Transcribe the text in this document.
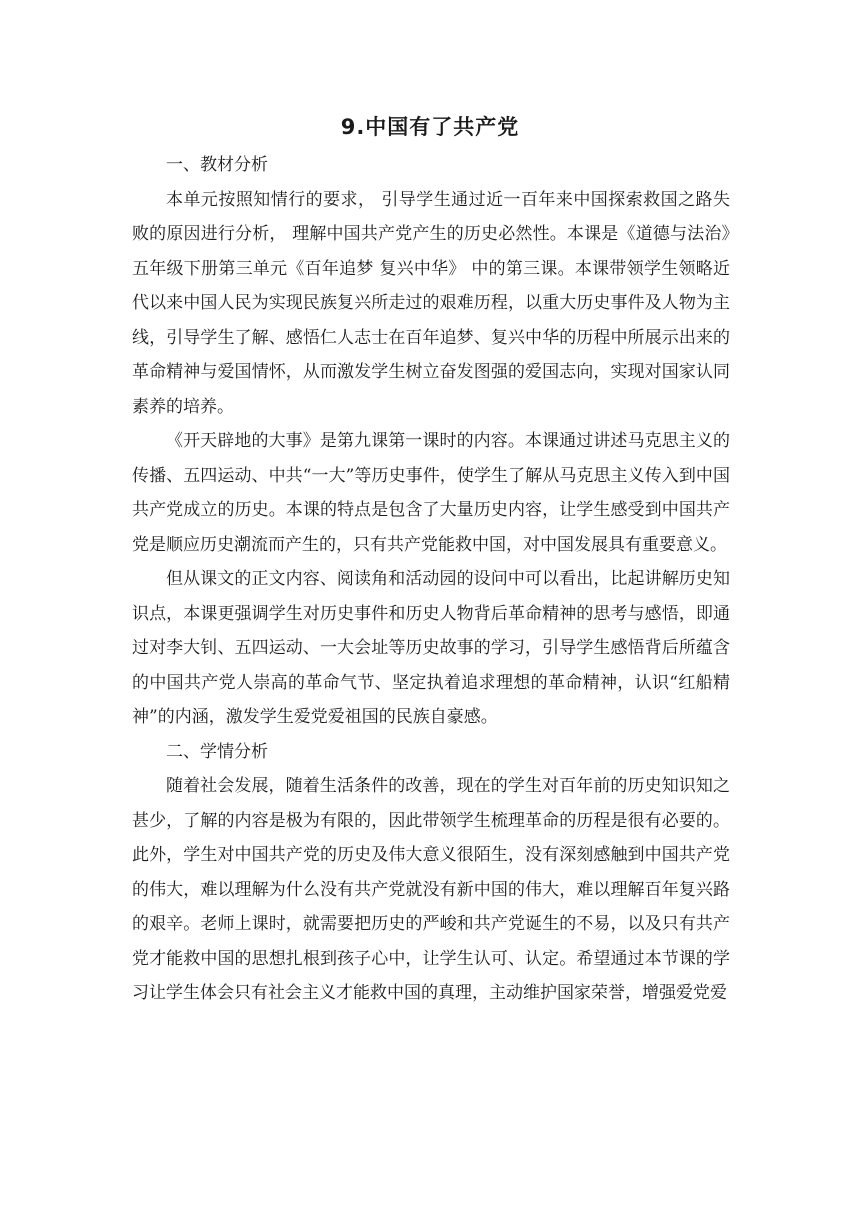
9.中国有了共产党

一、教材分析

本单元按照知情行的要求， 引导学生通过近一百年来中国探索救国之路失败的原因进行分析， 理解中国共产党产生的历史必然性。本课是《道德与法治》五年级下册第三单元《百年追梦 复兴中华》 中的第三课。本课带领学生领略近代以来中国人民为实现民族复兴所走过的艰难历程，以重大历史事件及人物为主线，引导学生了解、感悟仁人志士在百年追梦、复兴中华的历程中所展示出来的革命精神与爱国情怀，从而激发学生树立奋发图强的爱国志向，实现对国家认同素养的培养。

《开天辟地的大事》是第九课第一课时的内容。本课通过讲述马克思主义的传播、五四运动、中共“一大”等历史事件，使学生了解从马克思主义传入到中国共产党成立的历史。本课的特点是包含了大量历史内容，让学生感受到中国共产党是顺应历史潮流而产生的，只有共产党能救中国，对中国发展具有重要意义。

但从课文的正文内容、阅读角和活动园的设问中可以看出，比起讲解历史知识点，本课更强调学生对历史事件和历史人物背后革命精神的思考与感悟，即通过对李大钊、五四运动、一大会址等历史故事的学习，引导学生感悟背后所蕴含的中国共产党人崇高的革命气节、坚定执着追求理想的革命精神，认识“红船精神”的内涵，激发学生爱党爱祖国的民族自豪感。

二、学情分析

随着社会发展，随着生活条件的改善，现在的学生对百年前的历史知识知之甚少，了解的内容是极为有限的，因此带领学生梳理革命的历程是很有必要的。此外，学生对中国共产党的历史及伟大意义很陌生，没有深刻感触到中国共产党的伟大，难以理解为什么没有共产党就没有新中国的伟大，难以理解百年复兴路的艰辛。老师上课时，就需要把历史的严峻和共产党诞生的不易，以及只有共产党才能救中国的思想扎根到孩子心中，让学生认可、认定。希望通过本节课的学习让学生体会只有社会主义才能救中国的真理，主动维护国家荣誉，增强爱党爱
